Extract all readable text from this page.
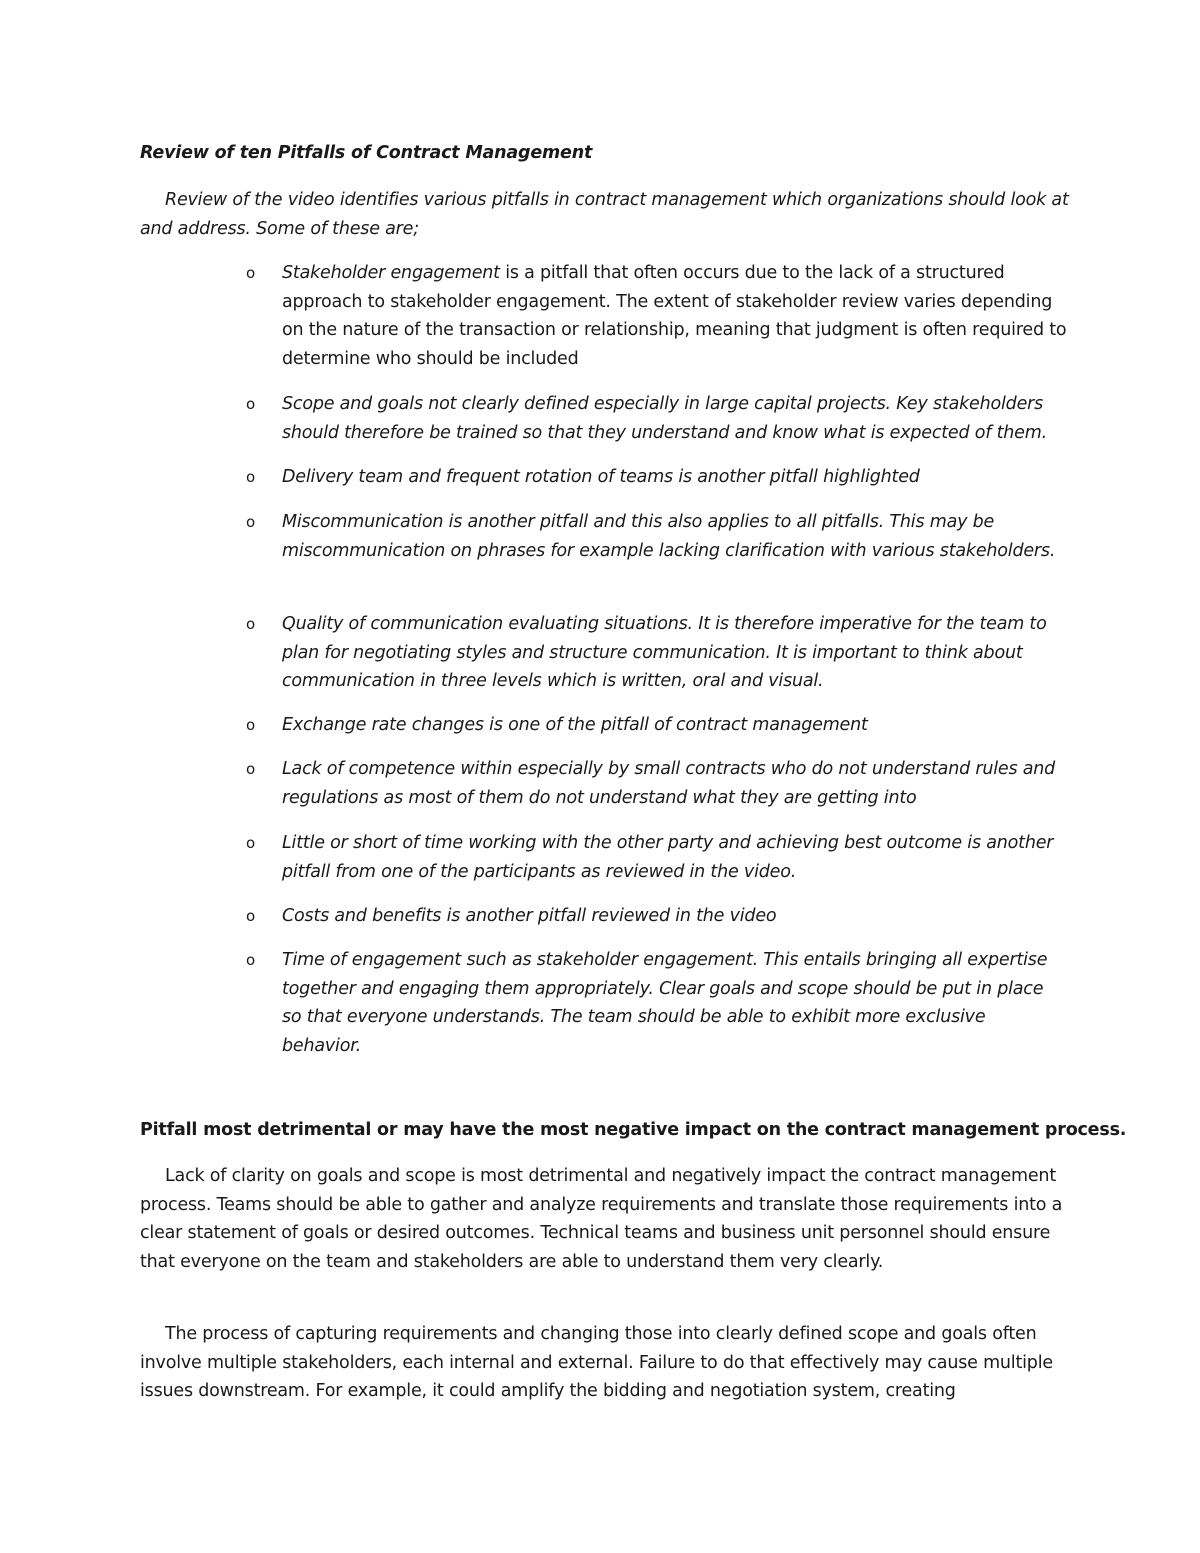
Review of ten Pitfalls of Contract Management

Review of the video identifies various pitfalls in contract management which organizations should look at and address. Some of these are;

o Stakeholder engagement is a pitfall that often occurs due to the lack of a structured approach to stakeholder engagement. The extent of stakeholder review varies depending on the nature of the transaction or relationship, meaning that judgment is often required to determine who should be included
o Scope and goals not clearly defined especially in large capital projects. Key stakeholders should therefore be trained so that they understand and know what is expected of them.
o Delivery team and frequent rotation of teams is another pitfall highlighted
o Miscommunication is another pitfall and this also applies to all pitfalls. This may be miscommunication on phrases for example lacking clarification with various stakeholders.
o Quality of communication evaluating situations. It is therefore imperative for the team to plan for negotiating styles and structure communication. It is important to think about communication in three levels which is written, oral and visual.
o Exchange rate changes is one of the pitfall of contract management
o Lack of competence within especially by small contracts who do not understand rules and regulations as most of them do not understand what they are getting into
o Little or short of time working with the other party and achieving best outcome is another pitfall from one of the participants as reviewed in the video.
o Costs and benefits is another pitfall reviewed in the video
o Time of engagement such as stakeholder engagement. This entails bringing all expertise together and engaging them appropriately. Clear goals and scope should be put in place so that everyone understands. The team should be able to exhibit more exclusive behavior.
Pitfall most detrimental or may have the most negative impact on the contract management process.

Lack of clarity on goals and scope is most detrimental and negatively impact the contract management process. Teams should be able to gather and analyze requirements and translate those requirements into a clear statement of goals or desired outcomes. Technical teams and business unit personnel should ensure that everyone on the team and stakeholders are able to understand them very clearly.

The process of capturing requirements and changing those into clearly defined scope and goals often involve multiple stakeholders, each internal and external. Failure to do that effectively may cause multiple issues downstream. For example, it could amplify the bidding and negotiation system, creating
